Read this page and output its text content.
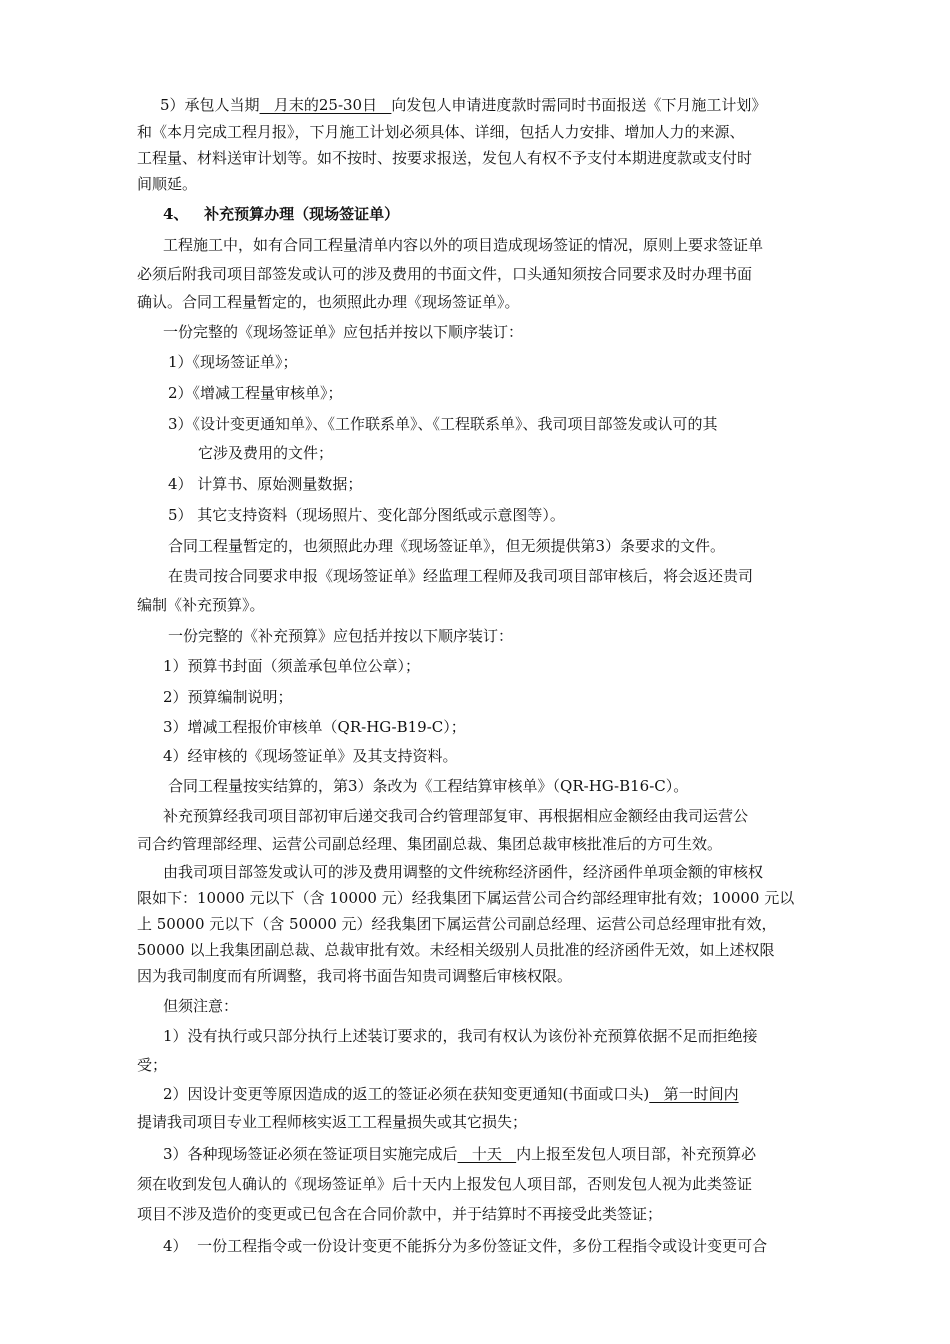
5）承包人当期   月末的25-30日   向发包人申请进度款时需同时书面报送《下月施工计划》
和《本月完成工程月报》，下月施工计划必须具体、详细，包括人力安排、增加人力的来源、
工程量、材料送审计划等。如不按时、按要求报送，发包人有权不予支付本期进度款或支付时
间顺延。
4、   补充预算办理（现场签证单）
工程施工中，如有合同工程量清单内容以外的项目造成现场签证的情况，原则上要求签证单
必须后附我司项目部签发或认可的涉及费用的书面文件，口头通知须按合同要求及时办理书面
确认。合同工程量暂定的，也须照此办理《现场签证单》。
一份完整的《现场签证单》应包括并按以下顺序装订：
1）《现场签证单》；
2）《增减工程量审核单》；
3）《设计变更通知单》、《工作联系单》、《工程联系单》、我司项目部签发或认可的其
它涉及费用的文件；
4） 计算书、原始测量数据；
5） 其它支持资料（现场照片、变化部分图纸或示意图等）。
合同工程量暂定的，也须照此办理《现场签证单》，但无须提供第3）条要求的文件。
在贵司按合同要求申报《现场签证单》经监理工程师及我司项目部审核后，将会返还贵司
编制《补充预算》。
一份完整的《补充预算》应包括并按以下顺序装订：
1）预算书封面（须盖承包单位公章）；
2）预算编制说明；
3）增减工程报价审核单（QR-HG-B19-C）；
4）经审核的《现场签证单》及其支持资料。
合同工程量按实结算的，第3）条改为《工程结算审核单》（QR-HG-B16-C）。
补充预算经我司项目部初审后递交我司合约管理部复审、再根据相应金额经由我司运营公
司合约管理部经理、运营公司副总经理、集团副总裁、集团总裁审核批准后的方可生效。
由我司项目部签发或认可的涉及费用调整的文件统称经济函件，经济函件单项金额的审核权
限如下：10000 元以下（含 10000 元）经我集团下属运营公司合约部经理审批有效；10000 元以
上 50000 元以下（含 50000 元）经我集团下属运营公司副总经理、运营公司总经理审批有效，
50000 以上我集团副总裁、总裁审批有效。未经相关级别人员批准的经济函件无效，如上述权限
因为我司制度而有所调整，我司将书面告知贵司调整后审核权限。
但须注意：
1）没有执行或只部分执行上述装订要求的，我司有权认为该份补充预算依据不足而拒绝接
受；
2）因设计变更等原因造成的返工的签证必须在获知变更通知(书面或口头)   第一时间内
提请我司项目专业工程师核实返工工程量损失或其它损失；
3）各种现场签证必须在签证项目实施完成后   十天   内上报至发包人项目部，补充预算必
须在收到发包人确认的《现场签证单》后十天内上报发包人项目部，否则发包人视为此类签证
项目不涉及造价的变更或已包含在合同价款中，并于结算时不再接受此类签证；
4）  一份工程指令或一份设计变更不能拆分为多份签证文件，多份工程指令或设计变更可合
